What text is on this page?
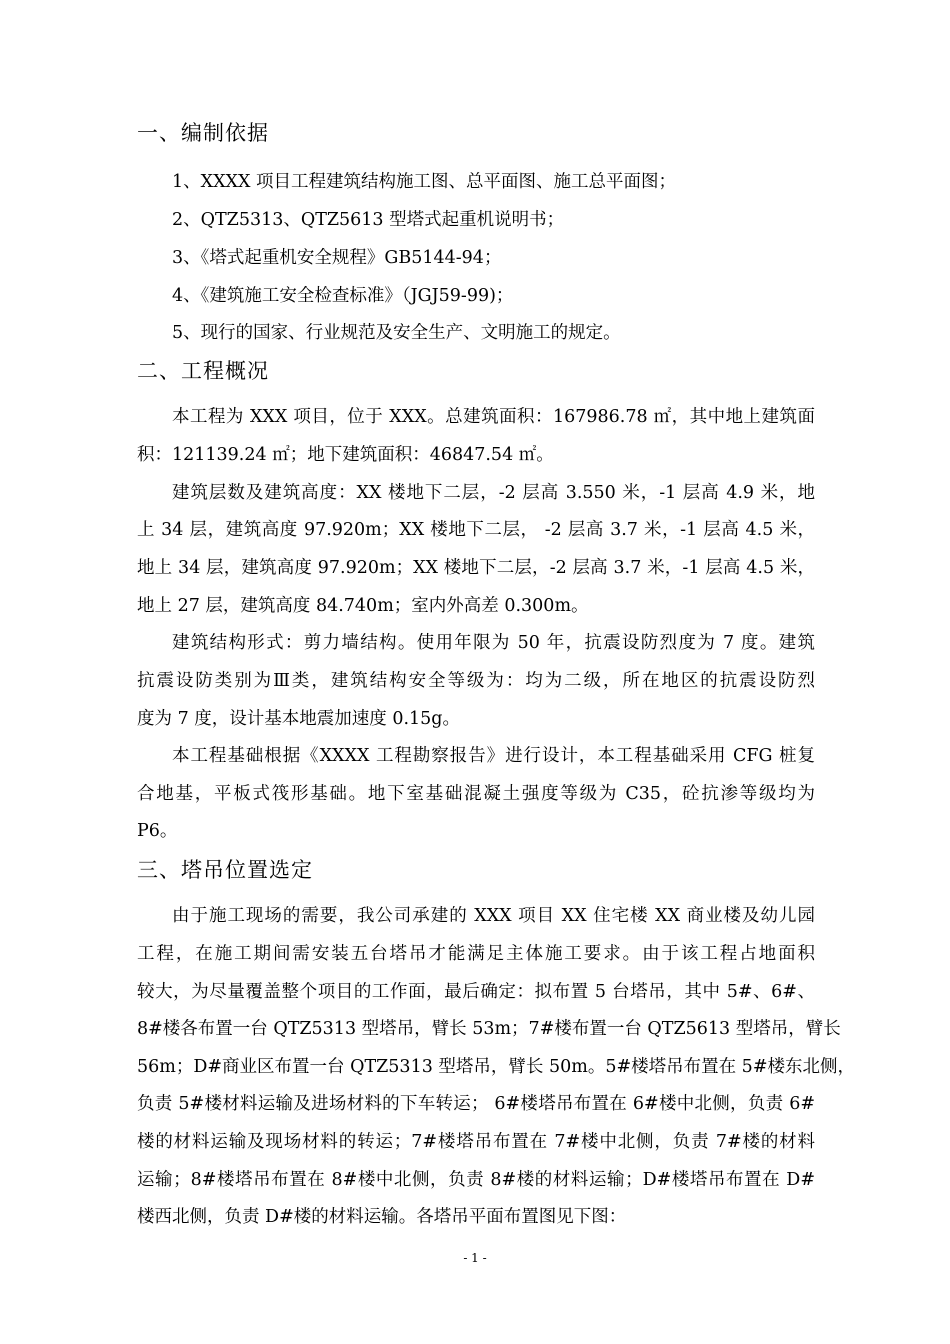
一、编制依据
1、XXXX 项目工程建筑结构施工图、总平面图、施工总平面图；
2、QTZ5313、QTZ5613 型塔式起重机说明书；
3、《塔式起重机安全规程》GB5144-94；
4、《建筑施工安全检查标准》（JGJ59-99)；
5、现行的国家、行业规范及安全生产、文明施工的规定。
二、工程概况
本工程为 XXX 项目，位于 XXX。总建筑面积：167986.78 ㎡，其中地上建筑面
积：121139.24 ㎡；地下建筑面积：46847.54 ㎡。
建筑层数及建筑高度：XX 楼地下二层，-2 层高 3.550 米，-1 层高 4.9 米，地
上 34 层，建筑高度 97.920m；XX 楼地下二层， -2 层高 3.7 米，-1 层高 4.5 米，
地上 34 层，建筑高度 97.920m；XX 楼地下二层，-2 层高 3.7 米，-1 层高 4.5 米，
地上 27 层，建筑高度 84.740m；室内外高差 0.300m。
建筑结构形式：剪力墙结构。使用年限为 50 年，抗震设防烈度为 7 度。建筑
抗震设防类别为Ⅲ类，建筑结构安全等级为：均为二级，所在地区的抗震设防烈
度为 7 度，设计基本地震加速度 0.15g。
本工程基础根据《XXXX 工程勘察报告》进行设计，本工程基础采用 CFG 桩复
合地基，平板式筏形基础。地下室基础混凝土强度等级为 C35，砼抗渗等级均为
P6。
三、塔吊位置选定
由于施工现场的需要，我公司承建的 XXX 项目 XX 住宅楼 XX 商业楼及幼儿园
工程，在施工期间需安装五台塔吊才能满足主体施工要求。由于该工程占地面积
较大，为尽量覆盖整个项目的工作面，最后确定：拟布置 5 台塔吊，其中 5#、6#、
8#楼各布置一台 QTZ5313 型塔吊，臂长 53m；7#楼布置一台 QTZ5613 型塔吊，臂长
56m；D#商业区布置一台 QTZ5313 型塔吊，臂长 50m。5#楼塔吊布置在 5#楼东北侧，
负责 5#楼材料运输及进场材料的下车转运； 6#楼塔吊布置在 6#楼中北侧，负责 6#
楼的材料运输及现场材料的转运；7#楼塔吊布置在 7#楼中北侧，负责 7#楼的材料
运输；8#楼塔吊布置在 8#楼中北侧，负责 8#楼的材料运输；D#楼塔吊布置在 D#
楼西北侧，负责 D#楼的材料运输。各塔吊平面布置图见下图：
- 1 -
